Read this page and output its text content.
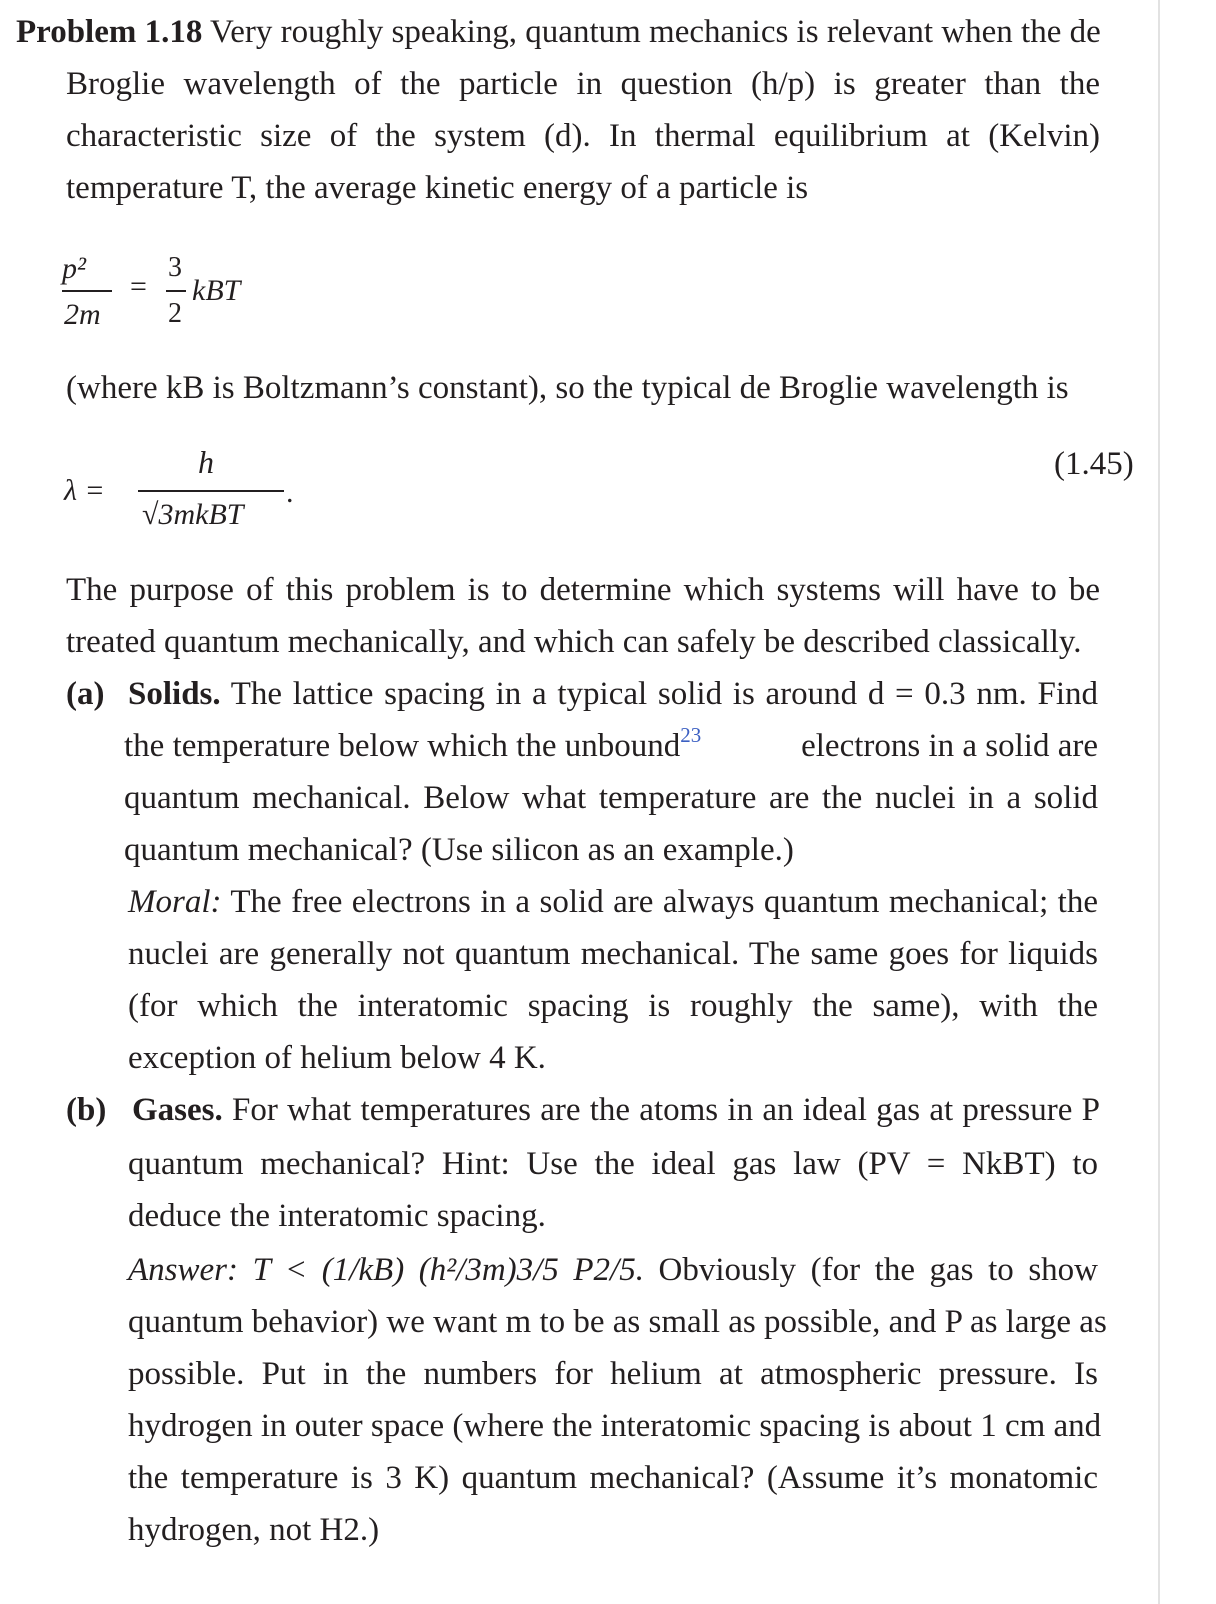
Problem 1.18 Very roughly speaking, quantum mechanics is relevant when the de
Broglie wavelength of the particle in question (h/p) is greater than the
characteristic size of the system (d). In thermal equilibrium at (Kelvin)
temperature T, the average kinetic energy of a particle is
p²
2m
=
3
2
kBT
(where kB is Boltzmann’s constant), so the typical de Broglie wavelength is
λ =
h
√3mkBT
.
(1.45)
The purpose of this problem is to determine which systems will have to be
treated quantum mechanically, and which can safely be described classically.
(a) Solids. The lattice spacing in a typical solid is around d = 0.3 nm. Find
the temperature below which the unbound$^{23}$	electrons in a solid are
quantum mechanical. Below what temperature are the nuclei in a solid
quantum mechanical? (Use silicon as an example.)
Moral: The free electrons in a solid are always quantum mechanical; the
nuclei are generally not quantum mechanical. The same goes for liquids
(for which the interatomic spacing is roughly the same), with the
exception of helium below 4 K.
(b) Gases. For what temperatures are the atoms in an ideal gas at pressure P
quantum mechanical? Hint: Use the ideal gas law (PV = NkBT) to
deduce the interatomic spacing.
Answer: T < (1/kB) (h²/3m)3/5 P2/5. Obviously (for the gas to show
quantum behavior) we want m to be as small as possible, and P as large as
possible. Put in the numbers for helium at atmospheric pressure. Is
hydrogen in outer space (where the interatomic spacing is about 1 cm and
the temperature is 3 K) quantum mechanical? (Assume it’s monatomic
hydrogen, not H2.)
